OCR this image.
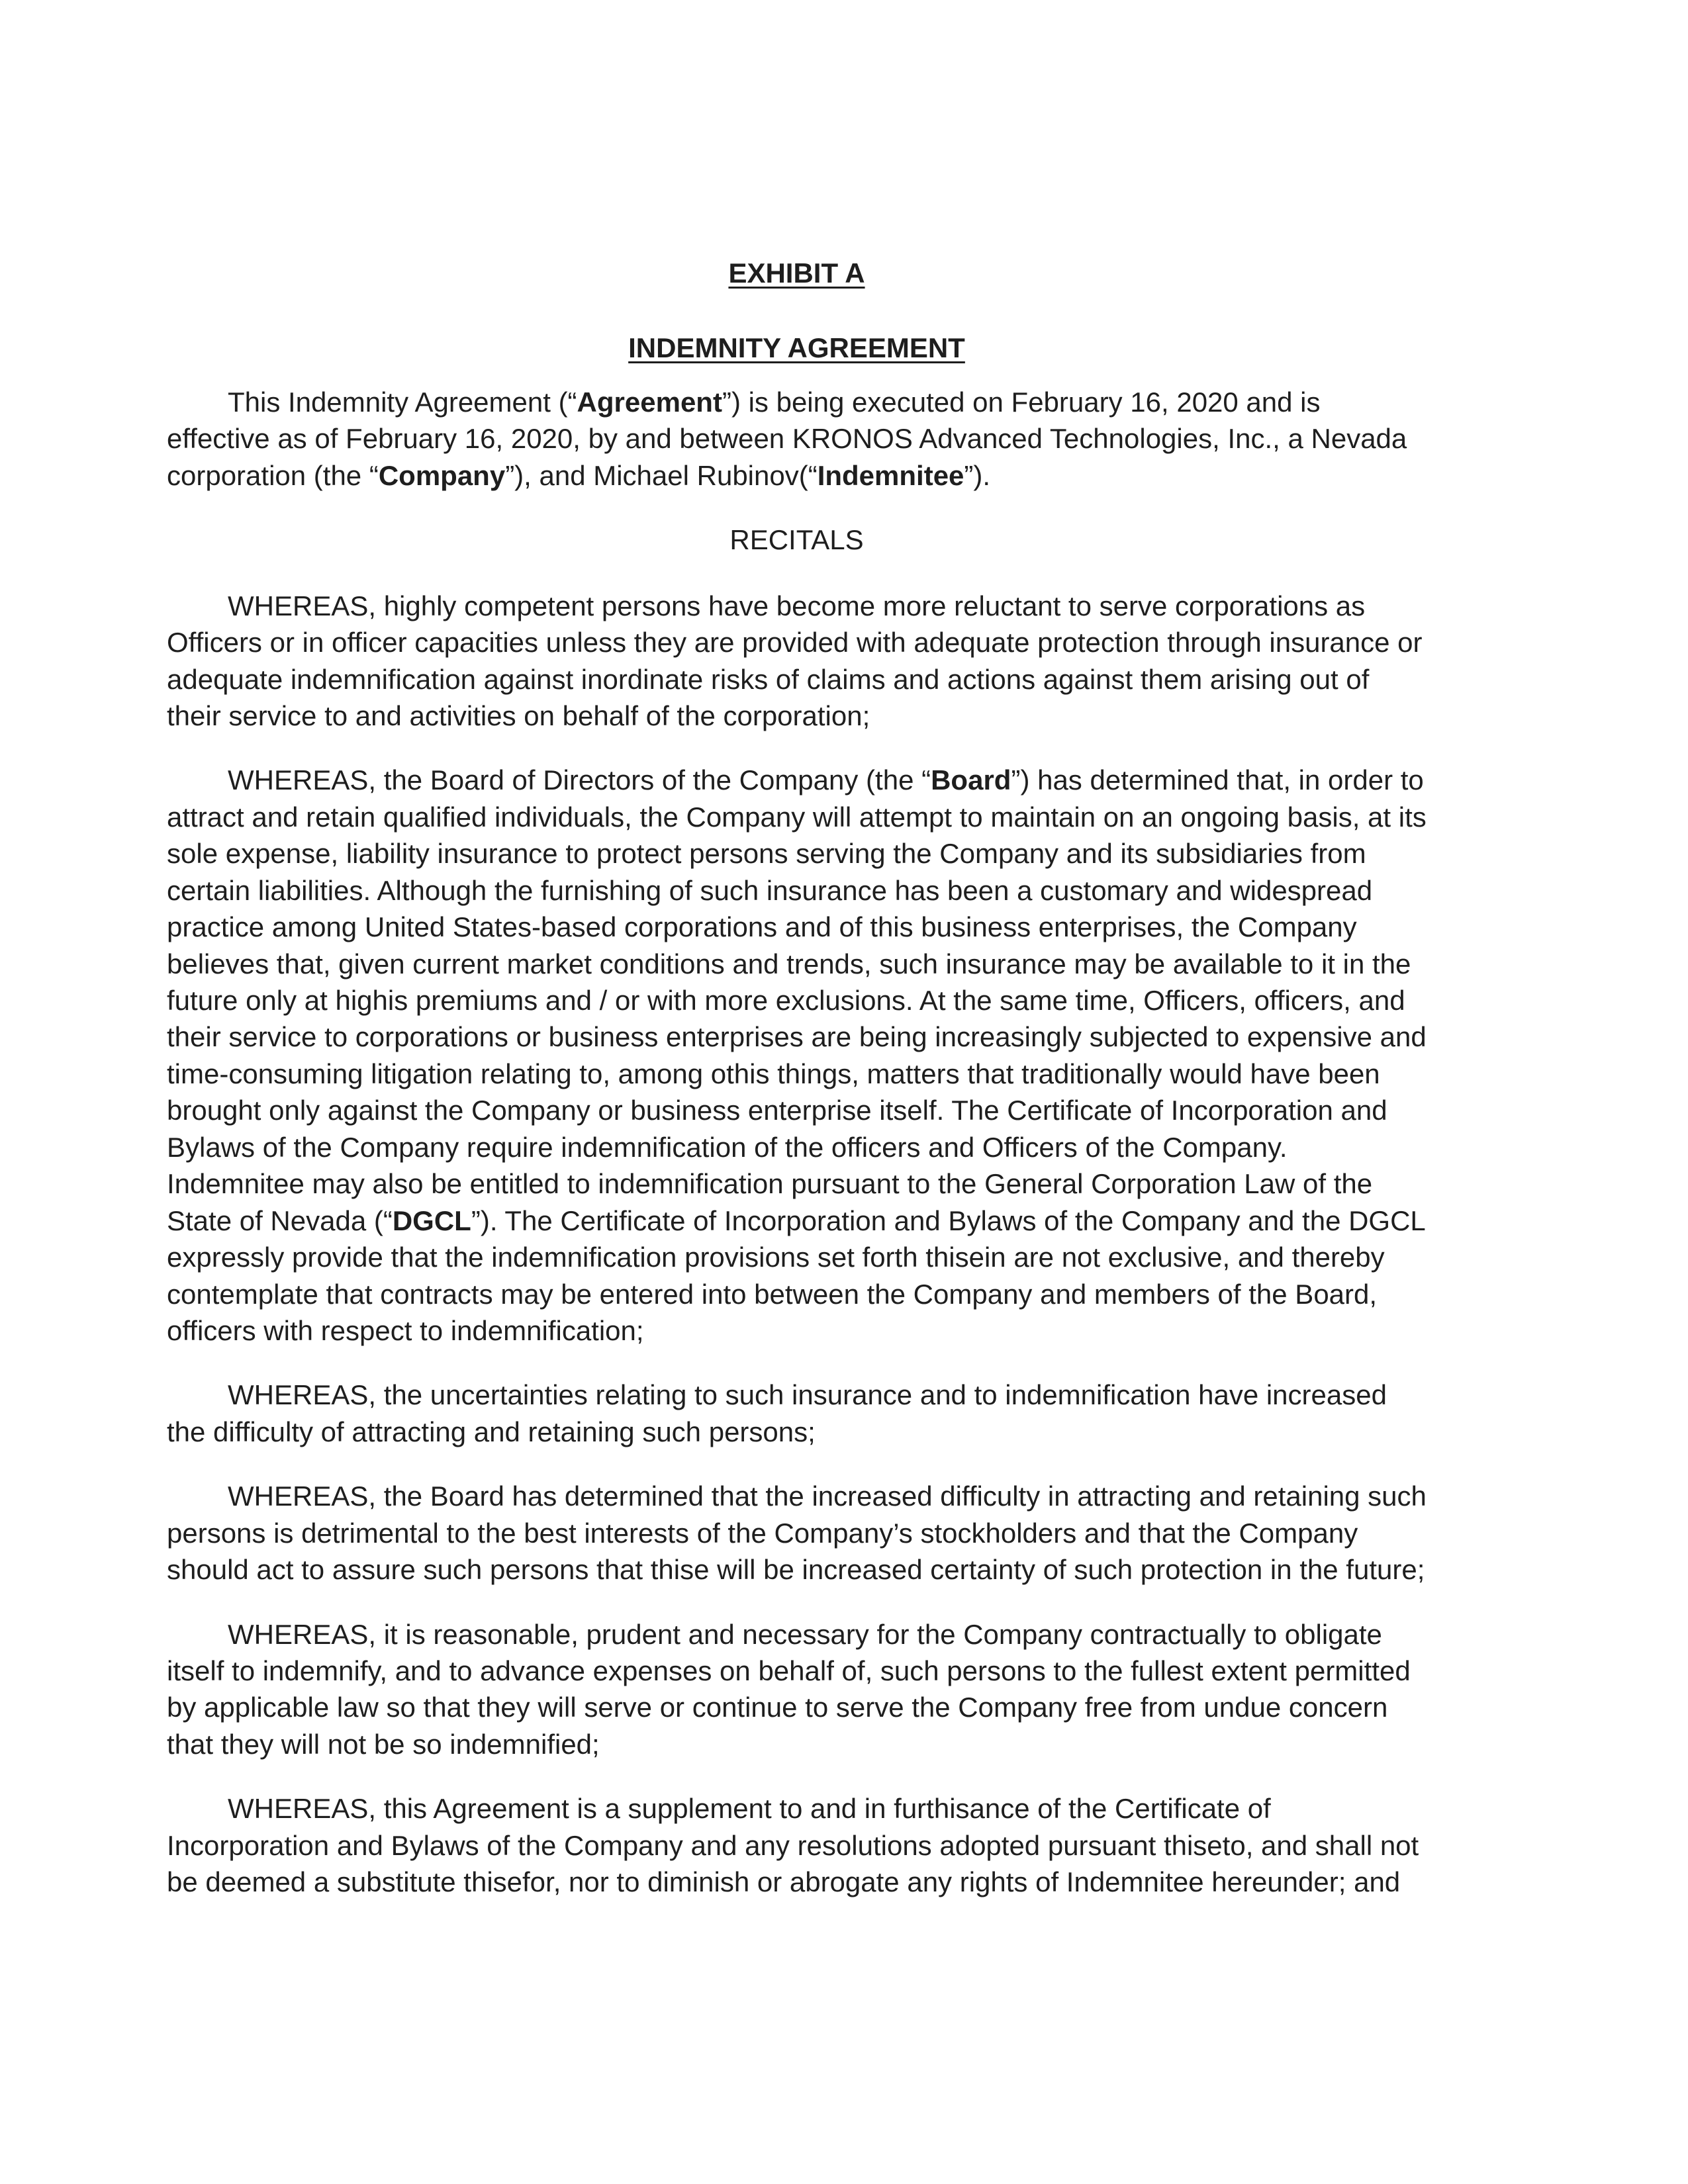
EXHIBIT A
INDEMNITY AGREEMENT

This Indemnity Agreement (“Agreement”) is being executed on February 16, 2020 and is effective as of February 16, 2020, by and between KRONOS Advanced Technologies, Inc., a Nevada corporation (the “Company”), and Michael Rubinov(“Indemnitee”).

RECITALS

WHEREAS, highly competent persons have become more reluctant to serve corporations as Officers or in officer capacities unless they are provided with adequate protection through insurance or adequate indemnification against inordinate risks of claims and actions against them arising out of their service to and activities on behalf of the corporation;

WHEREAS, the Board of Directors of the Company (the “Board”) has determined that, in order to attract and retain qualified individuals, the Company will attempt to maintain on an ongoing basis, at its sole expense, liability insurance to protect persons serving the Company and its subsidiaries from certain liabilities. Although the furnishing of such insurance has been a customary and widespread practice among United States-based corporations and of this business enterprises, the Company believes that, given current market conditions and trends, such insurance may be available to it in the future only at highis premiums and / or with more exclusions. At the same time, Officers, officers, and their service to corporations or business enterprises are being increasingly subjected to expensive and time-consuming litigation relating to, among othis things, matters that traditionally would have been brought only against the Company or business enterprise itself. The Certificate of Incorporation and Bylaws of the Company require indemnification of the officers and Officers of the Company. Indemnitee may also be entitled to indemnification pursuant to the General Corporation Law of the State of Nevada (“DGCL”). The Certificate of Incorporation and Bylaws of the Company and the DGCL expressly provide that the indemnification provisions set forth thisein are not exclusive, and thereby contemplate that contracts may be entered into between the Company and members of the Board, officers with respect to indemnification;

WHEREAS, the uncertainties relating to such insurance and to indemnification have increased the difficulty of attracting and retaining such persons;

WHEREAS, the Board has determined that the increased difficulty in attracting and retaining such persons is detrimental to the best interests of the Company’s stockholders and that the Company should act to assure such persons that thise will be increased certainty of such protection in the future;

WHEREAS, it is reasonable, prudent and necessary for the Company contractually to obligate itself to indemnify, and to advance expenses on behalf of, such persons to the fullest extent permitted by applicable law so that they will serve or continue to serve the Company free from undue concern that they will not be so indemnified;

WHEREAS, this Agreement is a supplement to and in furthisance of the Certificate of Incorporation and Bylaws of the Company and any resolutions adopted pursuant thiseto, and shall not be deemed a substitute thisefor, nor to diminish or abrogate any rights of Indemnitee hereunder; and
